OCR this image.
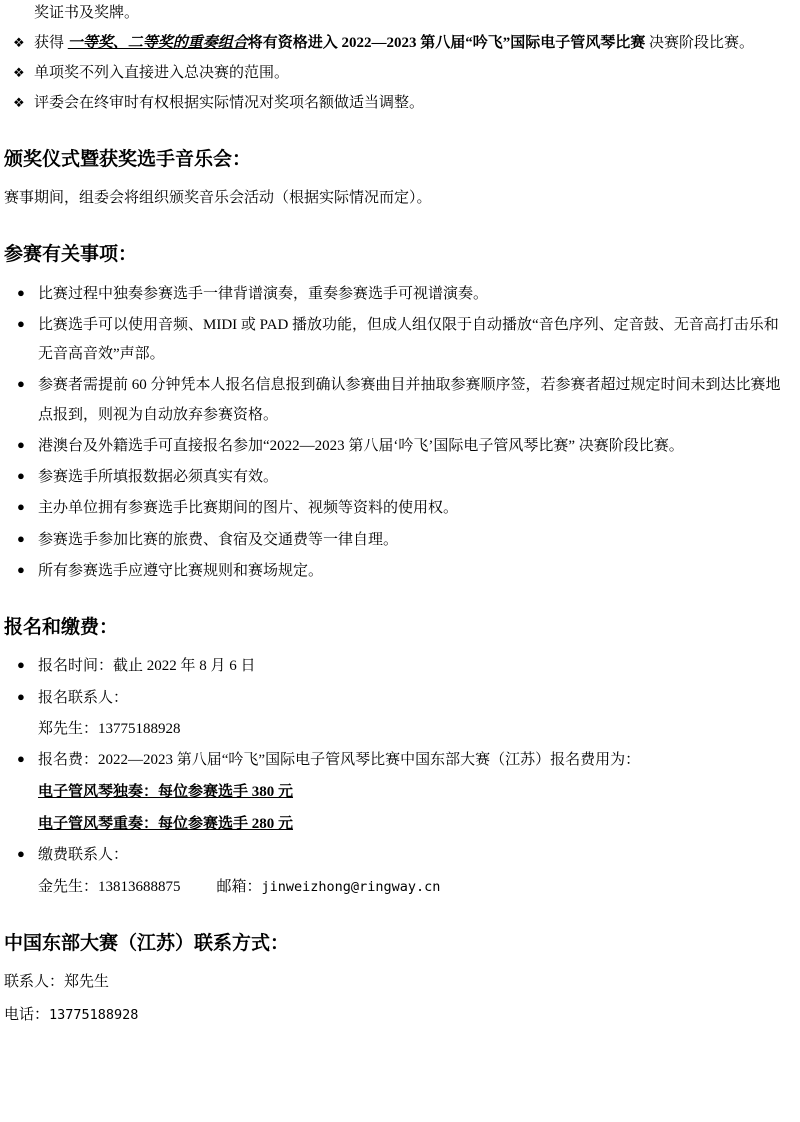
奖证书及奖牌。
❖ 获得 一等奖、二等奖的重奏组合将有资格进入 2022—2023 第八届“吟飞”国际电子管风琴比赛 决赛阶段比赛。
❖ 单项奖不列入直接进入总决赛的范围。
❖ 评委会在终审时有权根据实际情况对奖项名额做适当调整。
颁奖仪式暨获奖选手音乐会：
赛事期间，组委会将组织颁奖音乐会活动（根据实际情况而定）。
参赛有关事项：
● 比赛过程中独奏参赛选手一律背谱演奏，重奏参赛选手可视谱演奏。
● 比赛选手可以使用音频、MIDI 或 PAD 播放功能，但成人组仅限于自动播放“音色序列、定音鼓、无音高打击乐和无音高音效”声部。
● 参赛者需提前 60 分钟凭本人报名信息报到确认参赛曲目并抽取参赛顺序签，若参赛者超过规定时间未到达比赛地点报到，则视为自动放弃参赛资格。
● 港澳台及外籍选手可直接报名参加“2022—2023 第八届‘吟飞’国际电子管风琴比赛” 决赛阶段比赛。
● 参赛选手所填报数据必须真实有效。
● 主办单位拥有参赛选手比赛期间的图片、视频等资料的使用权。
● 参赛选手参加比赛的旅费、食宿及交通费等一律自理。
● 所有参赛选手应遵守比赛规则和赛场规定。
报名和缴费：
● 报名时间：截止 2022 年 8 月 6 日
● 报名联系人：
郑先生：13775188928
● 报名费：2022—2023 第八届“吟飞”国际电子管风琴比赛中国东部大赛（江苏）报名费用为：
电子管风琴独奏：每位参赛选手 380 元
电子管风琴重奏：每位参赛选手 280 元
● 缴费联系人：
金先生：13813688875 邮箱：jinweizhong@ringway.cn
中国东部大赛（江苏）联系方式：
联系人：郑先生
电话：13775188928
